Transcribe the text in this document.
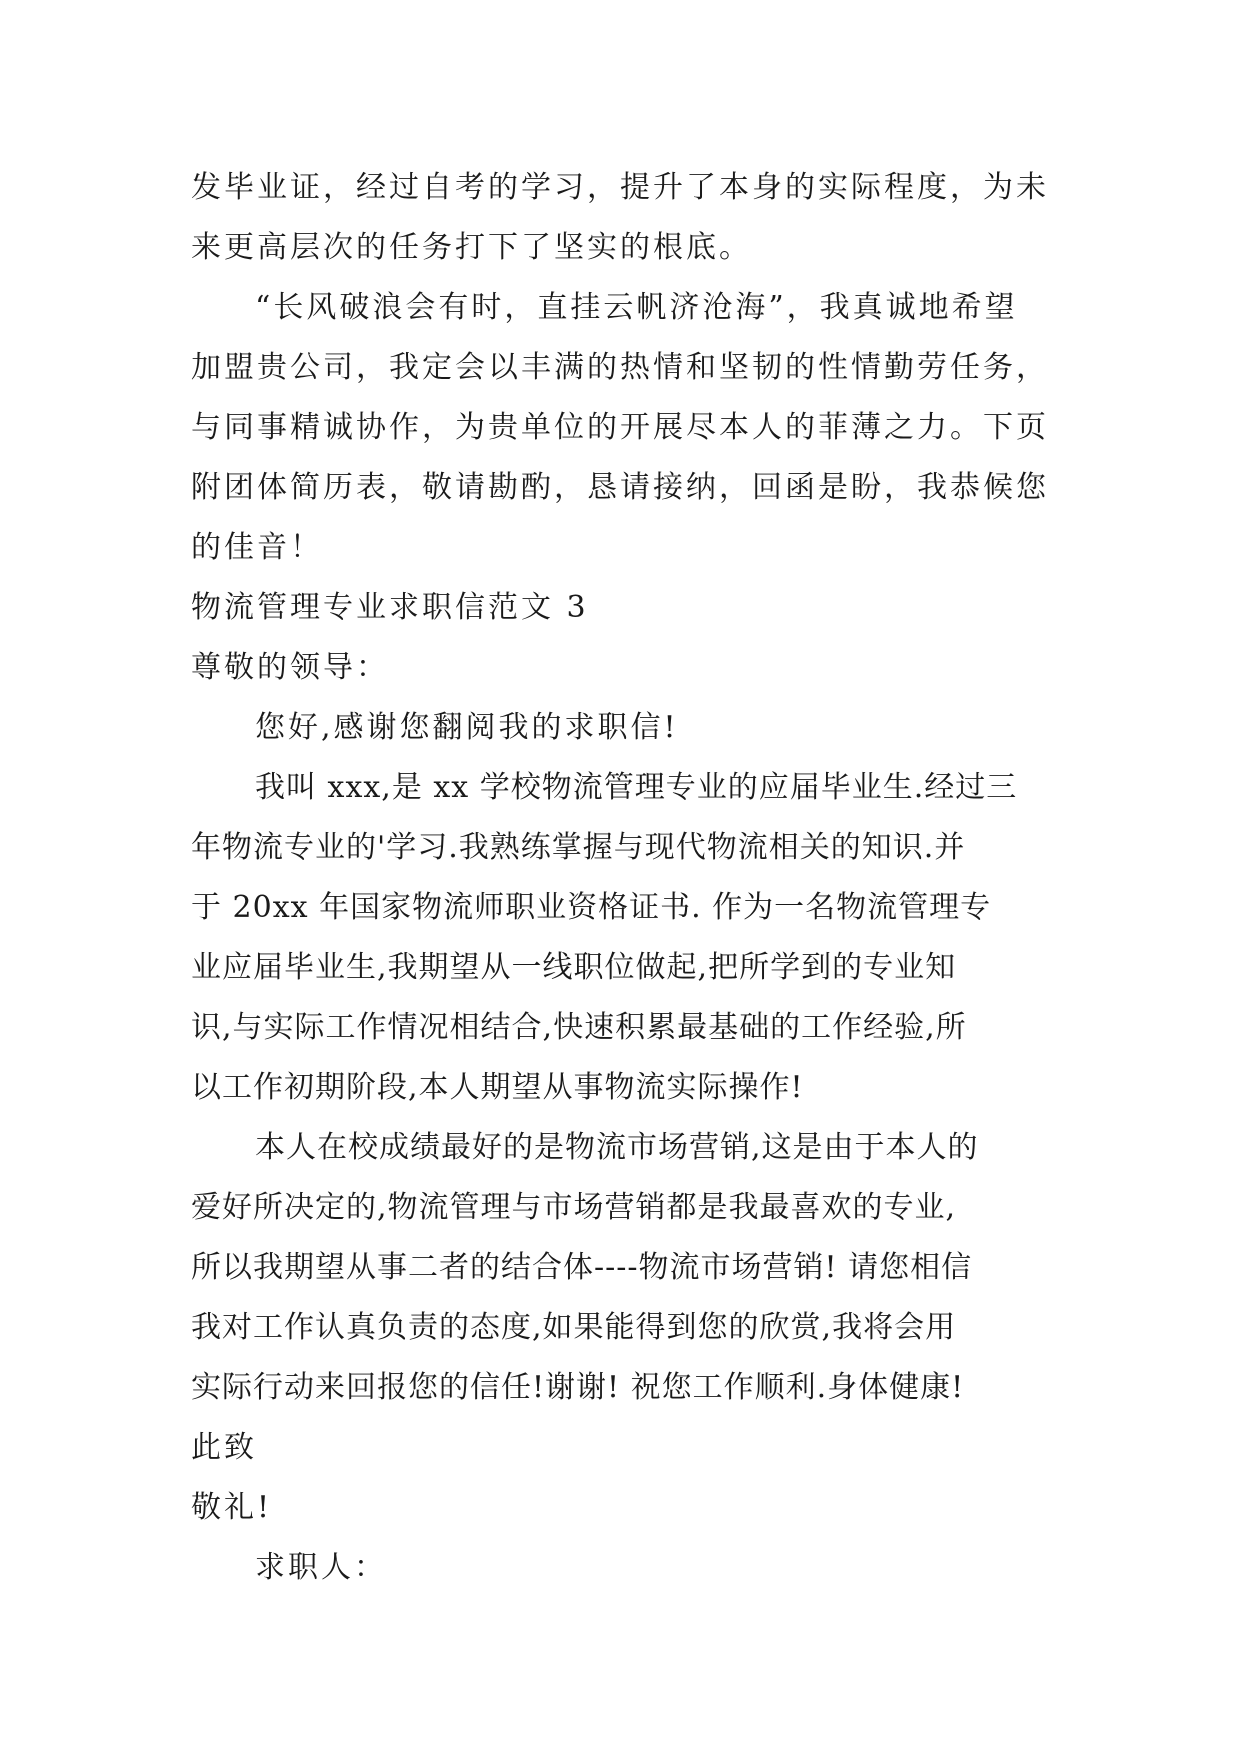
发毕业证，经过自考的学习，提升了本身的实际程度，为未
来更高层次的任务打下了坚实的根底。
“长风破浪会有时，直挂云帆济沧海”，我真诚地希望
加盟贵公司，我定会以丰满的热情和坚韧的性情勤劳任务，
与同事精诚协作，为贵单位的开展尽本人的菲薄之力。下页
附团体简历表，敬请勘酌，恳请接纳，回函是盼，我恭候您
的佳音！
物流管理专业求职信范文 3
尊敬的领导：
您好,感谢您翻阅我的求职信!
我叫 xxx,是 xx 学校物流管理专业的应届毕业生.经过三
年物流专业的'学习.我熟练掌握与现代物流相关的知识.并
于 20xx 年国家物流师职业资格证书. 作为一名物流管理专
业应届毕业生,我期望从一线职位做起,把所学到的专业知
识,与实际工作情况相结合,快速积累最基础的工作经验,所
以工作初期阶段,本人期望从事物流实际操作!
本人在校成绩最好的是物流市场营销,这是由于本人的
爱好所决定的,物流管理与市场营销都是我最喜欢的专业,
所以我期望从事二者的结合体----物流市场营销! 请您相信
我对工作认真负责的态度,如果能得到您的欣赏,我将会用
实际行动来回报您的信任!谢谢! 祝您工作顺利.身体健康!
此致
敬礼!
求职人：
